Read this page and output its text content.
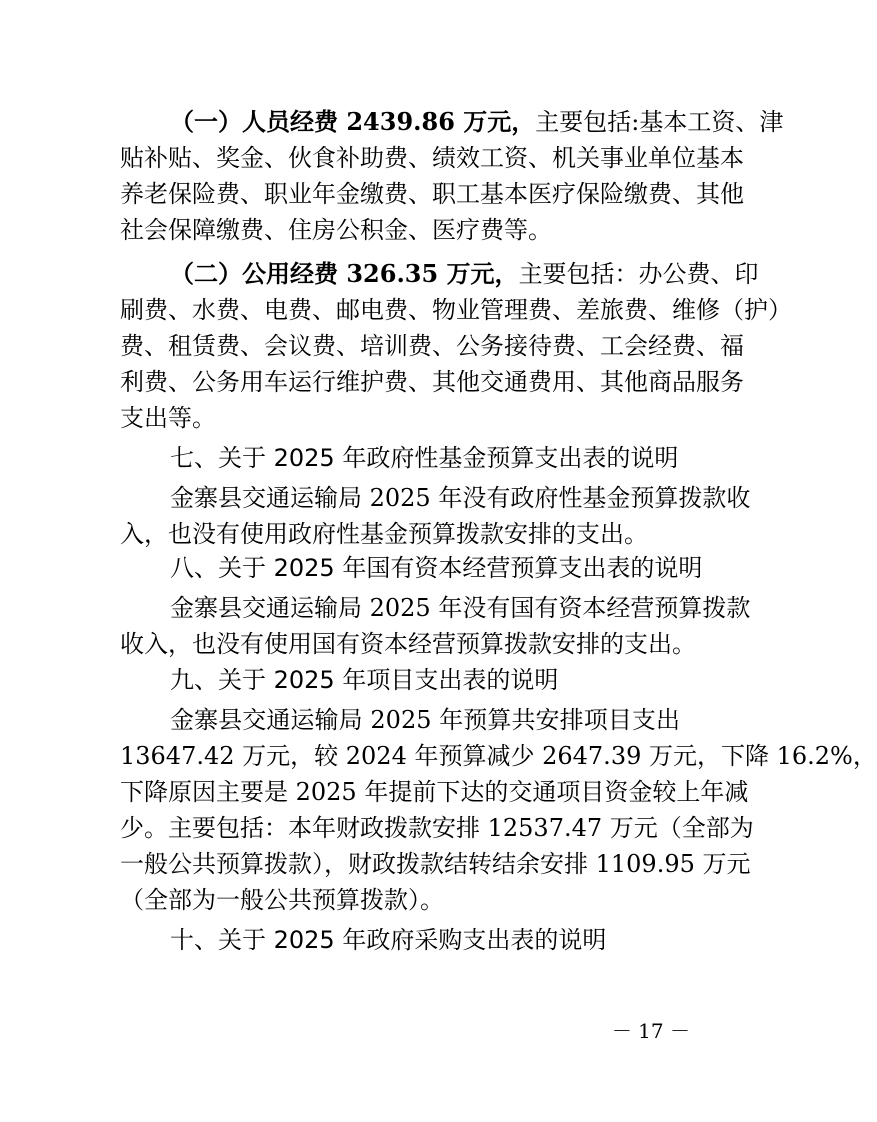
（一）人员经费 2439.86 万元，主要包括:基本工资、津
贴补贴、奖金、伙食补助费、绩效工资、机关事业单位基本
养老保险费、职业年金缴费、职工基本医疗保险缴费、其他
社会保障缴费、住房公积金、医疗费等。
（二）公用经费 326.35 万元，主要包括：办公费、印
刷费、水费、电费、邮电费、物业管理费、差旅费、维修（护）
费、租赁费、会议费、培训费、公务接待费、工会经费、福
利费、公务用车运行维护费、其他交通费用、其他商品服务
支出等。
七、关于 2025 年政府性基金预算支出表的说明
金寨县交通运输局 2025 年没有政府性基金预算拨款收
入，也没有使用政府性基金预算拨款安排的支出。
八、关于 2025 年国有资本经营预算支出表的说明
金寨县交通运输局 2025 年没有国有资本经营预算拨款
收入，也没有使用国有资本经营预算拨款安排的支出。
九、关于 2025 年项目支出表的说明
金寨县交通运输局 2025 年预算共安排项目支出
13647.42 万元，较 2024 年预算减少 2647.39 万元，下降 16.2%，
下降原因主要是 2025 年提前下达的交通项目资金较上年减
少。主要包括：本年财政拨款安排 12537.47 万元（全部为
一般公共预算拨款），财政拨款结转结余安排 1109.95 万元
（全部为一般公共预算拨款）。
十、关于 2025 年政府采购支出表的说明
－ 17 －
